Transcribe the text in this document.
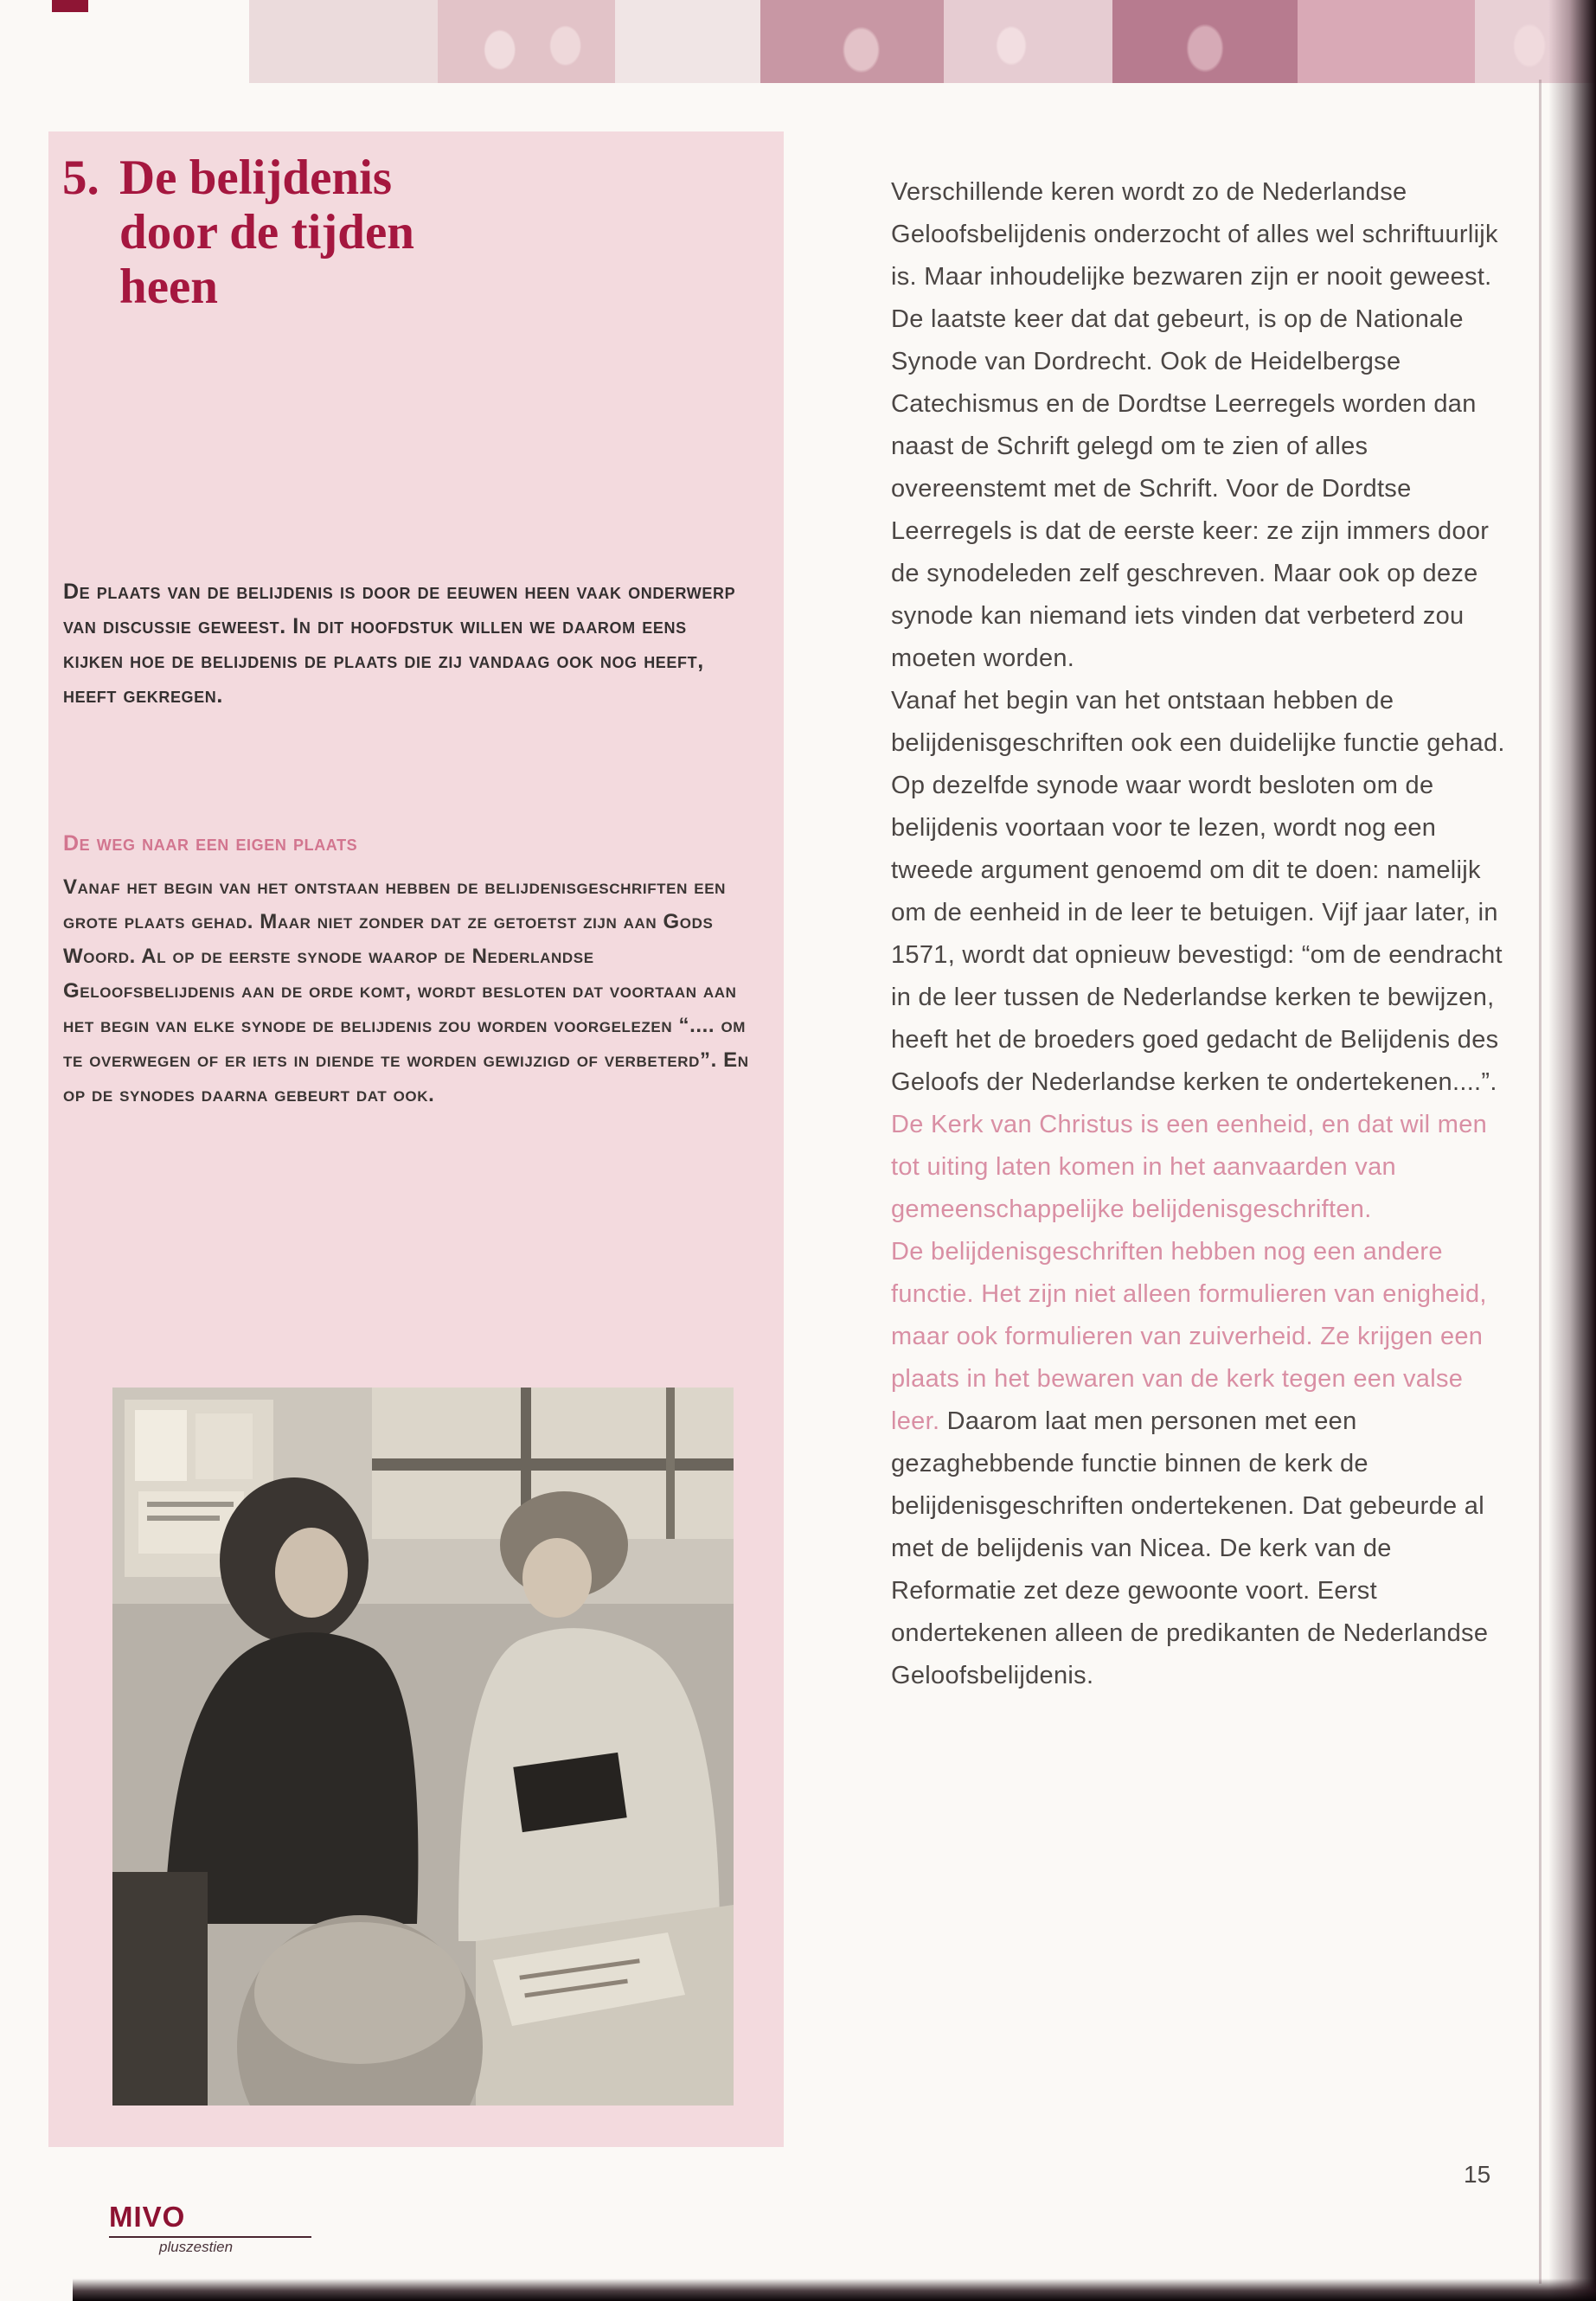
5. De belijdenis door de tijden heen
De plaats van de belijdenis is door de eeuwen heen vaak onderwerp van discussie geweest. In dit hoofdstuk willen we daarom eens kijken hoe de belijdenis de plaats die zij vandaag ook nog heeft, heeft gekregen.
De weg naar een eigen plaats
Vanaf het begin van het ontstaan hebben de belijdenisgeschriften een grote plaats gehad. Maar niet zonder dat ze getoetst zijn aan Gods Woord. Al op de eerste synode waarop de Nederlandse Geloofsbelijdenis aan de orde komt, wordt besloten dat voortaan aan het begin van elke synode de belijdenis zou worden voorgelezen “.... om te overwegen of er iets in diende te worden gewijzigd of verbeterd”. En op de synodes daarna gebeurt dat ook.

Verschillende keren wordt zo de Nederlandse Geloofsbelijdenis onderzocht of alles wel schriftuurlijk is. Maar inhoudelijke bezwaren zijn er nooit geweest. De laatste keer dat dat gebeurt, is op de Nationale Synode van Dordrecht. Ook de Heidelbergse Catechismus en de Dordtse Leerregels worden dan naast de Schrift gelegd om te zien of alles overeenstemt met de Schrift. Voor de Dordtse Leerregels is dat de eerste keer: ze zijn immers door de synodeleden zelf geschreven. Maar ook op deze synode kan niemand iets vinden dat verbeterd zou moeten worden.

Vanaf het begin van het ontstaan hebben de belijdenisgeschriften ook een duidelijke functie gehad. Op dezelfde synode waar wordt besloten om de belijdenis voortaan voor te lezen, wordt nog een tweede argument genoemd om dit te doen: namelijk om de eenheid in de leer te betuigen. Vijf jaar later, in 1571, wordt dat opnieuw bevestigd: “om de eendracht in de leer tussen de Nederlandse kerken te bewijzen, heeft het de broeders goed gedacht de Belijdenis des Geloofs der Nederlandse kerken te ondertekenen....”. De Kerk van Christus is een eenheid, en dat wil men tot uiting laten komen in het aanvaarden van gemeenschappelijke belijdenisgeschriften.

De belijdenisgeschriften hebben nog een andere functie. Het zijn niet alleen formulieren van enigheid, maar ook formulieren van zuiverheid. Ze krijgen een plaats in het bewaren van de kerk tegen een valse leer. Daarom laat men personen met een gezaghebbende functie binnen de kerk de belijdenisgeschriften ondertekenen. Dat gebeurde al met de belijdenis van Nicea. De kerk van de Reformatie zet deze gewoonte voort. Eerst ondertekenen alleen de predikanten de Nederlandse Geloofsbelijdenis.

MIVO
pluszestien
15
